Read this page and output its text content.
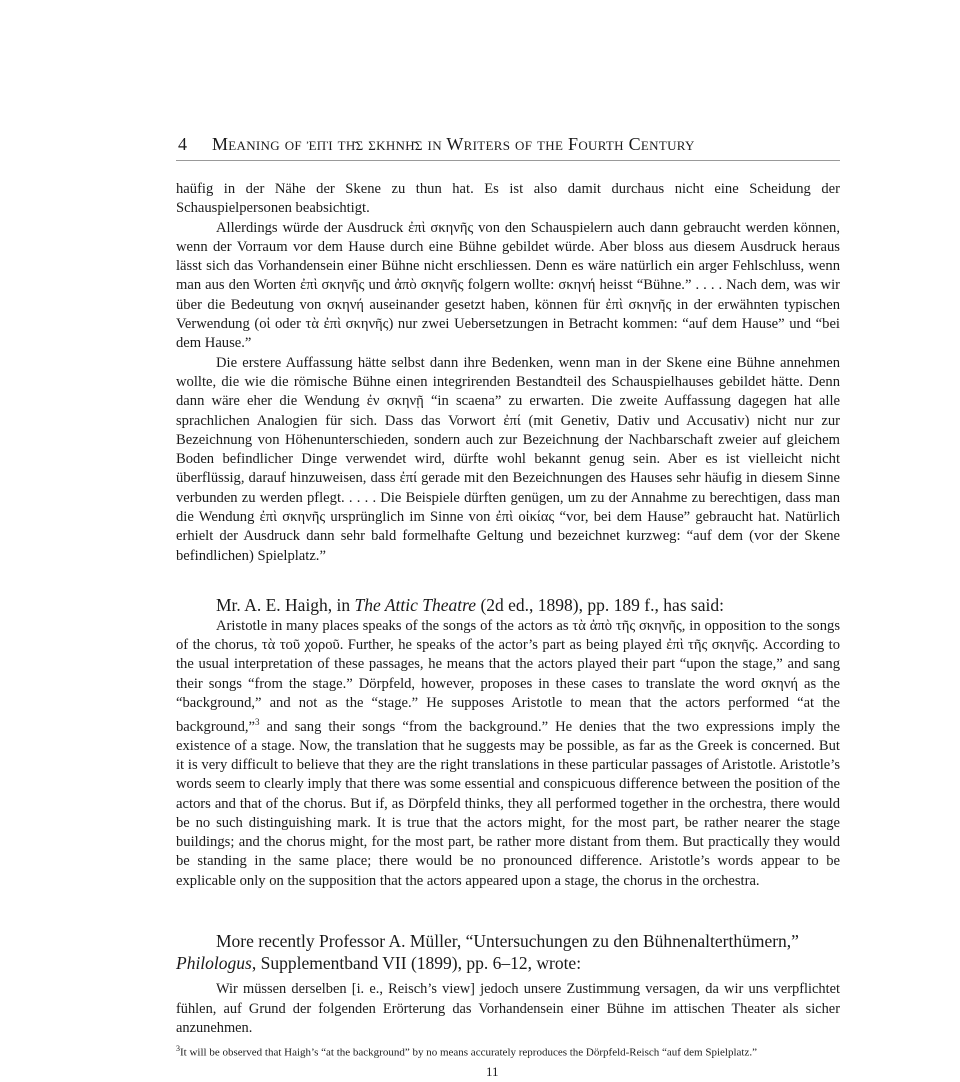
4 Meaning of ἐπὶ τῆς σκηνῆς in Writers of the Fourth Century

haüfig in der Nähe der Skene zu thun hat. Es ist also damit durchaus nicht eine Scheidung der Schauspielpersonen beabsichtigt.

Allerdings würde der Ausdruck ἐπὶ σκηνῆς von den Schauspielern auch dann gebraucht werden können, wenn der Vorraum vor dem Hause durch eine Bühne gebildet würde. Aber bloss aus diesem Ausdruck heraus lässt sich das Vorhandensein einer Bühne nicht erschliessen. Denn es wäre natürlich ein arger Fehlschluss, wenn man aus den Worten ἐπὶ σκηνῆς und ἀπὸ σκηνῆς folgern wollte: σκηνή heisst “Bühne.” . . . . Nach dem, was wir über die Bedeutung von σκηνή auseinander gesetzt haben, können für ἐπὶ σκηνῆς in der erwähnten typischen Verwendung (οἱ oder τὰ ἐπὶ σκηνῆς) nur zwei Uebersetzungen in Betracht kommen: “auf dem Hause” und “bei dem Hause.”

Die erstere Auffassung hätte selbst dann ihre Bedenken, wenn man in der Skene eine Bühne annehmen wollte, die wie die römische Bühne einen integrirenden Bestandteil des Schauspielhauses gebildet hätte. Denn dann wäre eher die Wendung ἐν σκηνῇ “in scaena” zu erwarten. Die zweite Auffassung dagegen hat alle sprachlichen Analogien für sich. Dass das Vorwort ἐπί (mit Genetiv, Dativ und Accusativ) nicht nur zur Bezeichnung von Höhenunterschieden, sondern auch zur Bezeichnung der Nachbarschaft zweier auf gleichem Boden befindlicher Dinge verwendet wird, dürfte wohl bekannt genug sein. Aber es ist vielleicht nicht überflüssig, darauf hinzuweisen, dass ἐπί gerade mit den Bezeichnungen des Hauses sehr häufig in diesem Sinne verbunden zu werden pflegt. . . . . Die Beispiele dürften genügen, um zu der Annahme zu berechtigen, dass man die Wendung ἐπὶ σκηνῆς ursprünglich im Sinne von ἐπὶ οἰκίας “vor, bei dem Hause” gebraucht hat. Natürlich erhielt der Ausdruck dann sehr bald formelhafte Geltung und bezeichnet kurzweg: “auf dem (vor der Skene befindlichen) Spielplatz.”

Mr. A. E. Haigh, in The Attic Theatre (2d ed., 1898), pp. 189 f., has said:

Aristotle in many places speaks of the songs of the actors as τὰ ἀπὸ τῆς σκηνῆς, in opposition to the songs of the chorus, τὰ τοῦ χοροῦ. Further, he speaks of the actor’s part as being played ἐπὶ τῆς σκηνῆς. According to the usual interpretation of these passages, he means that the actors played their part “upon the stage,” and sang their songs “from the stage.” Dörpfeld, however, proposes in these cases to translate the word σκηνή as the “background,” and not as the “stage.” He supposes Aristotle to mean that the actors performed “at the background,”$^3$ and sang their songs “from the background.” He denies that the two expressions imply the existence of a stage. Now, the translation that he suggests may be possible, as far as the Greek is concerned. But it is very difficult to believe that they are the right translations in these particular passages of Aristotle. Aristotle’s words seem to clearly imply that there was some essential and conspicuous difference between the position of the actors and that of the chorus. But if, as Dörpfeld thinks, they all performed together in the orchestra, there would be no such distinguishing mark. It is true that the actors might, for the most part, be rather nearer the stage buildings; and the chorus might, for the most part, be rather more distant from them. But practically they would be standing in the same place; there would be no pronounced difference. Aristotle’s words appear to be explicable only on the supposition that the actors appeared upon a stage, the chorus in the orchestra.

More recently Professor A. Müller, “Untersuchungen zu den Bühnenalterthümern,”
Philologus, Supplementband VII (1899), pp. 6–12, wrote:

Wir müssen derselben [i. e., Reisch’s view] jedoch unsere Zustimmung versagen, da wir uns verpflichtet fühlen, auf Grund der folgenden Erörterung das Vorhandensein einer Bühne im attischen Theater als sicher anzunehmen.

$^3$It will be observed that Haigh’s “at the background” by no means accurately reproduces the Dörpfeld-Reisch “auf dem Spielplatz.”
11
